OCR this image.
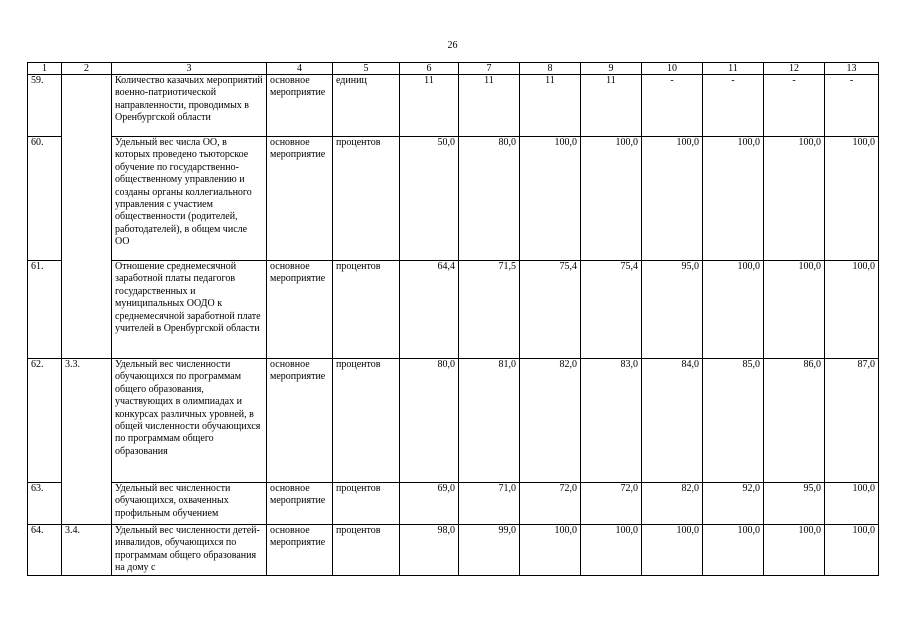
26
1	2	3	4	5	6	7	8	9	10	11	12	13
59.		Количество казачьих мероприятий военно-патриотической направленности, проводимых в Оренбургской области	основное мероприятие	единиц	11	11	11	11	-	-	-	-
60.		Удельный вес числа ОО, в которых проведено тьюторское обучение по государственно-общественному управлению и созданы органы коллегиального управления с участием общественности (родителей, работодателей), в общем числе ОО	основное мероприятие	процентов	50,0	80,0	100,0	100,0	100,0	100,0	100,0	100,0
61.		Отношение среднемесячной заработной платы педагогов государственных и муниципальных ООДО к среднемесячной заработной плате учителей в Оренбургской области	основное мероприятие	процентов	64,4	71,5	75,4	75,4	95,0	100,0	100,0	100,0
62.	3.3.	Удельный вес численности обучающихся по программам общего образования, участвующих в олимпиадах и конкурсах различных уровней, в общей численности обучающихся по программам общего образования	основное мероприятие	процентов	80,0	81,0	82,0	83,0	84,0	85,0	86,0	87,0
63.		Удельный вес численности обучающихся, охваченных профильным обучением	основное мероприятие	процентов	69,0	71,0	72,0	72,0	82,0	92,0	95,0	100,0
64.	3.4.	Удельный вес численности детей-инвалидов, обучающихся по программам общего образования на дому с	основное мероприятие	процентов	98,0	99,0	100,0	100,0	100,0	100,0	100,0	100,0
